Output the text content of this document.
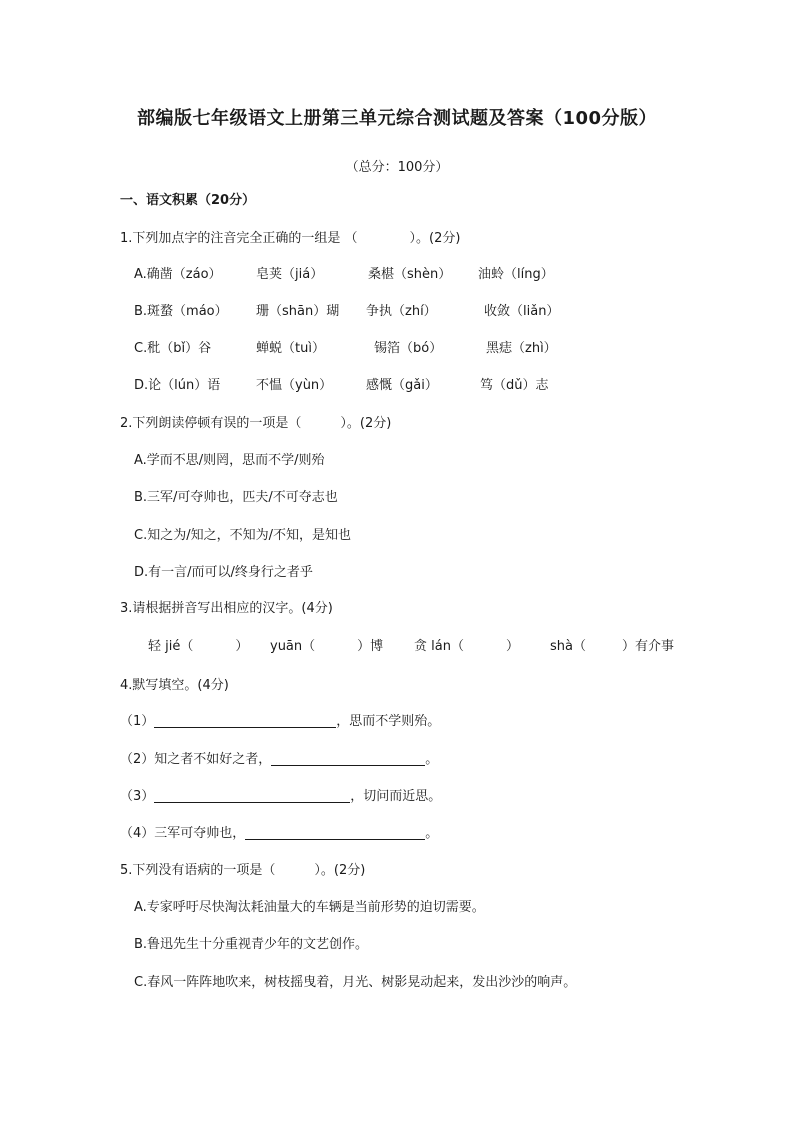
部编版七年级语文上册第三单元综合测试题及答案（100分版）
（总分：100分）
一、语文积累（20分）
1.下列加点字的注音完全正确的一组是 （　　　　）。(2分)
A.确凿（záo）	皂荚（jiá）	桑椹（shèn） 油蛉（líng）
B.斑蝥（máo） 珊（shān）瑚 争执（zhí）	收敛（liǎn）
C.秕（bǐ）谷	蝉蜕（tuì）	锡箔（bó）	黑痣（zhì）
D.论（lún）语	不愠（yùn）	感慨（gǎi）	笃（dǔ）志
2.下列朗读停顿有误的一项是（　　　）。(2分)
A.学而不思/则罔，思而不学/则殆
B.三军/可夺帅也，匹夫/不可夺志也
C.知之为/知之，不知为/不知，是知也
D.有一言/而可以/终身行之者乎
3.请根据拼音写出相应的汉字。(4分)
轻 jié（	） yuān（	）博 贪 lán（	） shà（	）有介事
4.默写填空。(4分)
（1）	，思而不学则殆。
（2）知之者不如好之者，	。
（3）	，切问而近思。
（4）三军可夺帅也，	。
5.下列没有语病的一项是（　　　）。(2分)
A.专家呼吁尽快淘汰耗油量大的车辆是当前形势的迫切需要。
B.鲁迅先生十分重视青少年的文艺创作。
C.春风一阵阵地吹来，树枝摇曳着，月光、树影晃动起来，发出沙沙的响声。
